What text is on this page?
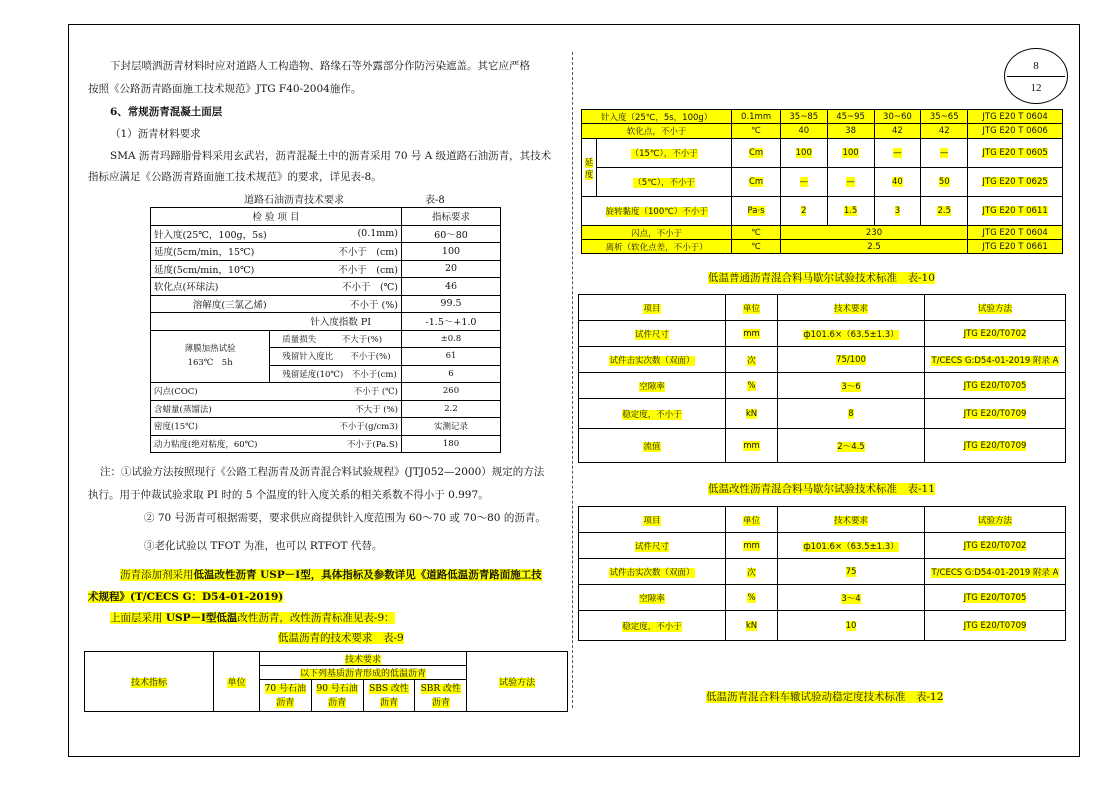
8
12
下封层喷洒沥青材料时应对道路人工构造物、路缘石等外露部分作防污染遮盖。其它应严格
按照《公路沥青路面施工技术规范》JTG F40-2004施作。
6、常规沥青混凝土面层
（1）沥青材料要求
SMA 沥青玛蹄脂骨料采用玄武岩，沥青混凝土中的沥青采用 70 号 A 级道路石油沥青，其技术
指标应满足《公路沥青路面施工技术规范》的要求，详见表-8。
道路石油沥青技术要求	表-8
检 验 项 目		指标要求
针入度(25℃，100g，5s)	(0.1mm)	60～80
延度(5cm/min，15℃)	不小于　(cm)	100
延度(5cm/min，10℃)	不小于　(cm)	20
软化点(环球法)	不小于　(℃)	46
溶解度(三氯乙烯)	不小于 (%)	99.5
针入度指数 PI		-1.5～+1.0

薄膜加热试验
163℃　5h	质量损失　　　 不大于(%)	±0.8
	残留针入度比　　 不小于(%)	61
	残留延度(10℃)　 不小于(cm)	6
闪点(COC)	不小于 (℃)	260
含蜡量(蒸馏法)	不大于 (%)	2.2
密度(15℃)	不小于(g/cm3)	实测记录
动力粘度(绝对粘度，60℃)	不小于(Pa.S)	180
注：①试验方法按照现行《公路工程沥青及沥青混合料试验规程》(JTJ052—2000）规定的方法
执行。用于仲裁试验求取 PI 时的 5 个温度的针入度关系的相关系数不得小于 0.997。
② 70 号沥青可根据需要，要求供应商提供针入度范围为 60～70 或 70～80 的沥青。
③老化试验以 TFOT 为准，也可以 RTFOT 代替。
沥青添加剂采用低温改性沥青 USP－Ⅰ型，具体指标及参数详见《道路低温沥青路面施工技
术规程》(T/CECS G：D54-01-2019)
上面层采用 USP－Ⅰ型低温改性沥青，改性沥青标准见表-9：
低温沥青的技术要求　表-9
技术指标	单位	技术要求				试验方法
		以下列基质沥青形成的低温沥青				
		70 号石油沥青	90 号石油沥青	SBS 改性沥青	SBR 改性沥青	
针入度（25℃，5s，100g）		0.1mm	35~85	45~95	30~60	35~65	JTG E20 T 0604
软化点，不小于		℃	40	38	42	42	JTG E20 T 0606
延度	（15℃），不小于	Cm	100	100	—	—	JTG E20 T 0605
	（5℃），不小于	Cm	—	—	40	50	JTG E20 T 0625
旋转黏度（100℃）不小于		Pa·s	2	1.5	3	2.5	JTG E20 T 0611
闪点，不小于		℃	230				JTG E20 T 0604
离析（软化点差，不小于）		℃	2.5				JTG E20 T 0661
低温普通沥青混合料马歇尔试验技术标准　表-10
项目	单位	技术要求	试验方法
试件尺寸	mm	ф101.6×（63.5±1.3）	JTG E20/T0702
试件击实次数（双面）	次	75/100	T/CECS G:D54-01-2019 附录 A
空隙率	%	3～6	JTG E20/T0705
稳定度，不小于	kN	8	JTG E20/T0709
流值	mm	2～4.5	JTG E20/T0709
低温改性沥青混合料马歇尔试验技术标准　表-11
项目	单位	技术要求	试验方法
试件尺寸	mm	ф101.6×（63.5±1.3）	JTG E20/T0702
试件击实次数（双面）	次	75	T/CECS G:D54-01-2019 附录 A
空隙率	%	3～4	JTG E20/T0705
稳定度，不小于	kN	10	JTG E20/T0709
低温沥青混合料车辙试验动稳定度技术标准　表-12
